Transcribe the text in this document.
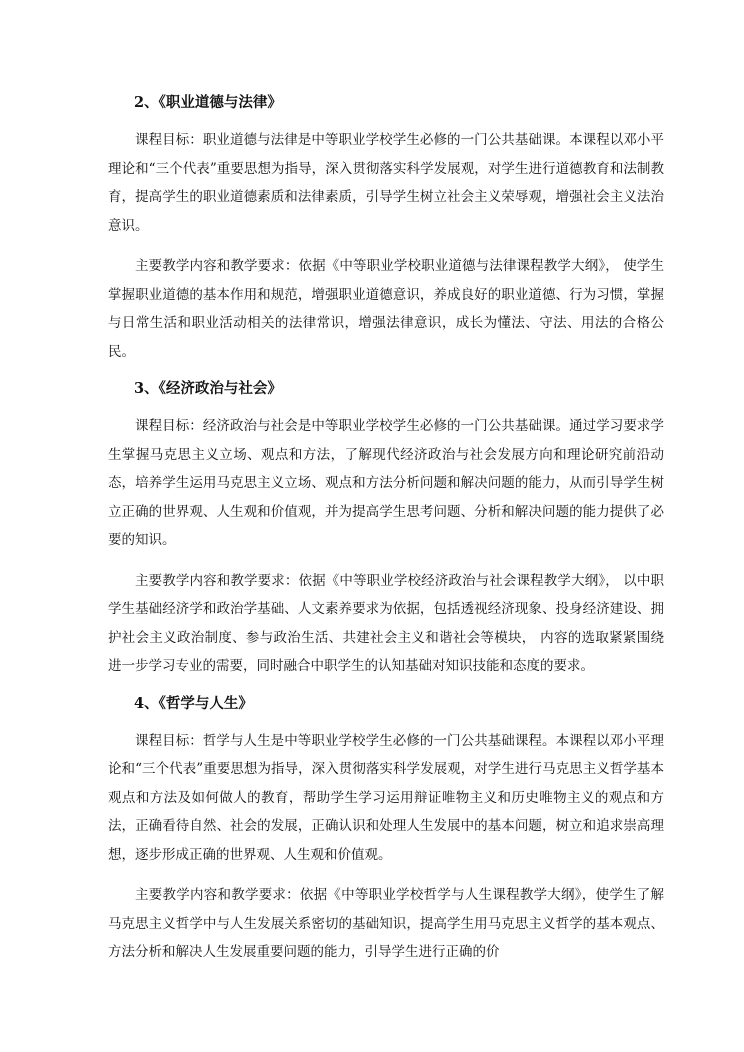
2、《职业道德与法律》

课程目标：职业道德与法律是中等职业学校学生必修的一门公共基础课。本课程以邓小平理论和“三个代表”重要思想为指导，深入贯彻落实科学发展观，对学生进行道德教育和法制教育，提高学生的职业道德素质和法律素质，引导学生树立社会主义荣辱观，增强社会主义法治意识。

主要教学内容和教学要求：依据《中等职业学校职业道德与法律课程教学大纲》， 使学生掌握职业道德的基本作用和规范，增强职业道德意识，养成良好的职业道德、行为习惯，掌握与日常生活和职业活动相关的法律常识，增强法律意识，成长为懂法、守法、用法的合格公民。

3、《经济政治与社会》

课程目标：经济政治与社会是中等职业学校学生必修的一门公共基础课。通过学习要求学生掌握马克思主义立场、观点和方法，了解现代经济政治与社会发展方向和理论研究前沿动态，培养学生运用马克思主义立场、观点和方法分析问题和解决问题的能力，从而引导学生树立正确的世界观、人生观和价值观，并为提高学生思考问题、分析和解决问题的能力提供了必要的知识。

主要教学内容和教学要求：依据《中等职业学校经济政治与社会课程教学大纲》， 以中职学生基础经济学和政治学基础、人文素养要求为依据，包括透视经济现象、投身经济建设、拥护社会主义政治制度、参与政治生活、共建社会主义和谐社会等模块， 内容的选取紧紧围绕进一步学习专业的需要，同时融合中职学生的认知基础对知识技能和态度的要求。

4、《哲学与人生》

课程目标：哲学与人生是中等职业学校学生必修的一门公共基础课程。本课程以邓小平理论和“三个代表”重要思想为指导，深入贯彻落实科学发展观，对学生进行马克思主义哲学基本观点和方法及如何做人的教育，帮助学生学习运用辩证唯物主义和历史唯物主义的观点和方法，正确看待自然、社会的发展，正确认识和处理人生发展中的基本问题，树立和追求崇高理想，逐步形成正确的世界观、人生观和价值观。

主要教学内容和教学要求：依据《中等职业学校哲学与人生课程教学大纲》，使学生了解马克思主义哲学中与人生发展关系密切的基础知识，提高学生用马克思主义哲学的基本观点、方法分析和解决人生发展重要问题的能力，引导学生进行正确的价
